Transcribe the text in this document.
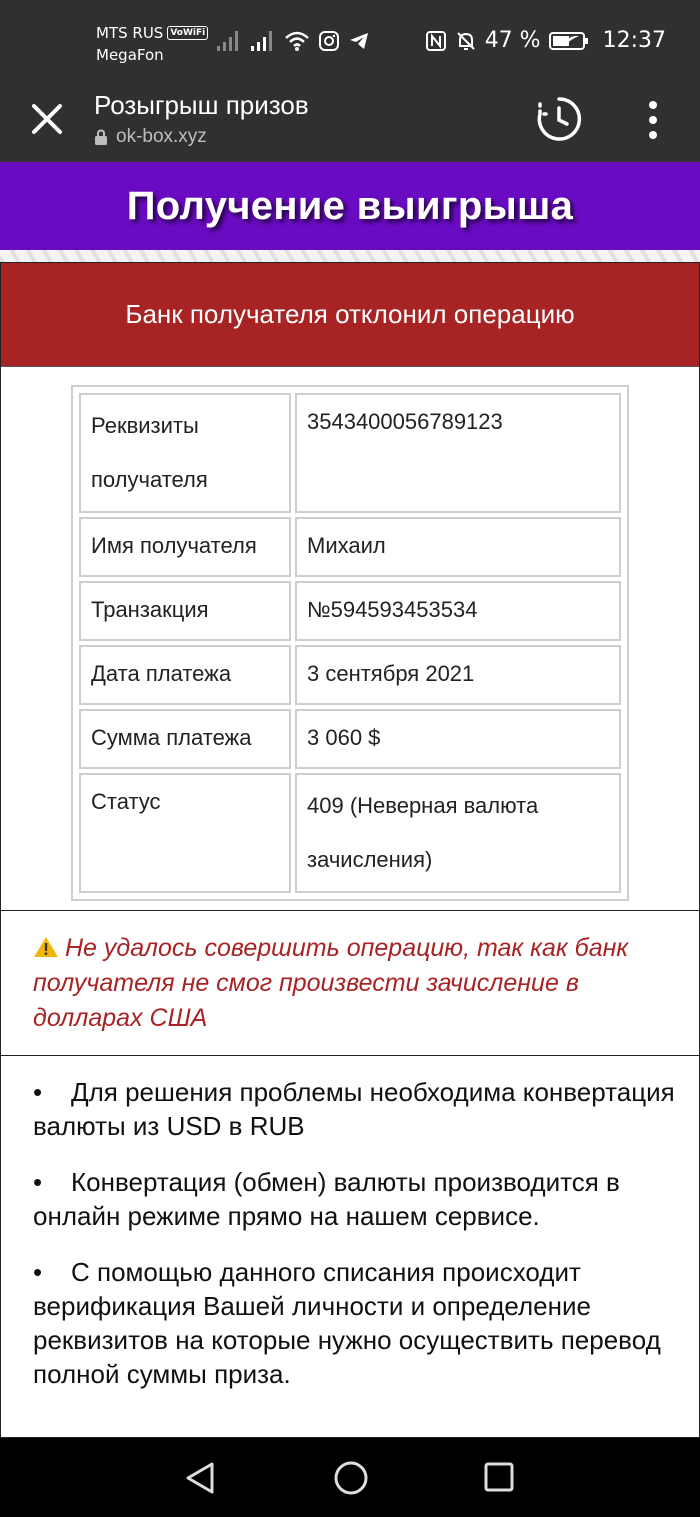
MTS RUS VoWiFi
MegaFon
47 %	12:37
Розыгрыш призов
ok-box.xyz
Получение выигрыша
Банк получателя отклонил операцию
Реквизиты получателя	3543400056789123
Имя получателя	Михаил
Транзакция	№594593453534
Дата платежа	3 сентября 2021
Сумма платежа	3 060 $
Статус	409 (Неверная валюта зачисления)
Не удалось совершить операцию, так как банк получателя не смог произвести зачисление в долларах США
• Для решения проблемы необходима конвертация валюты из USD в RUB
• Конвертация (обмен) валюты производится в онлайн режиме прямо на нашем сервисе.
• С помощью данного списания происходит верификация Вашей личности и определение реквизитов на которые нужно осуществить перевод полной суммы приза.
